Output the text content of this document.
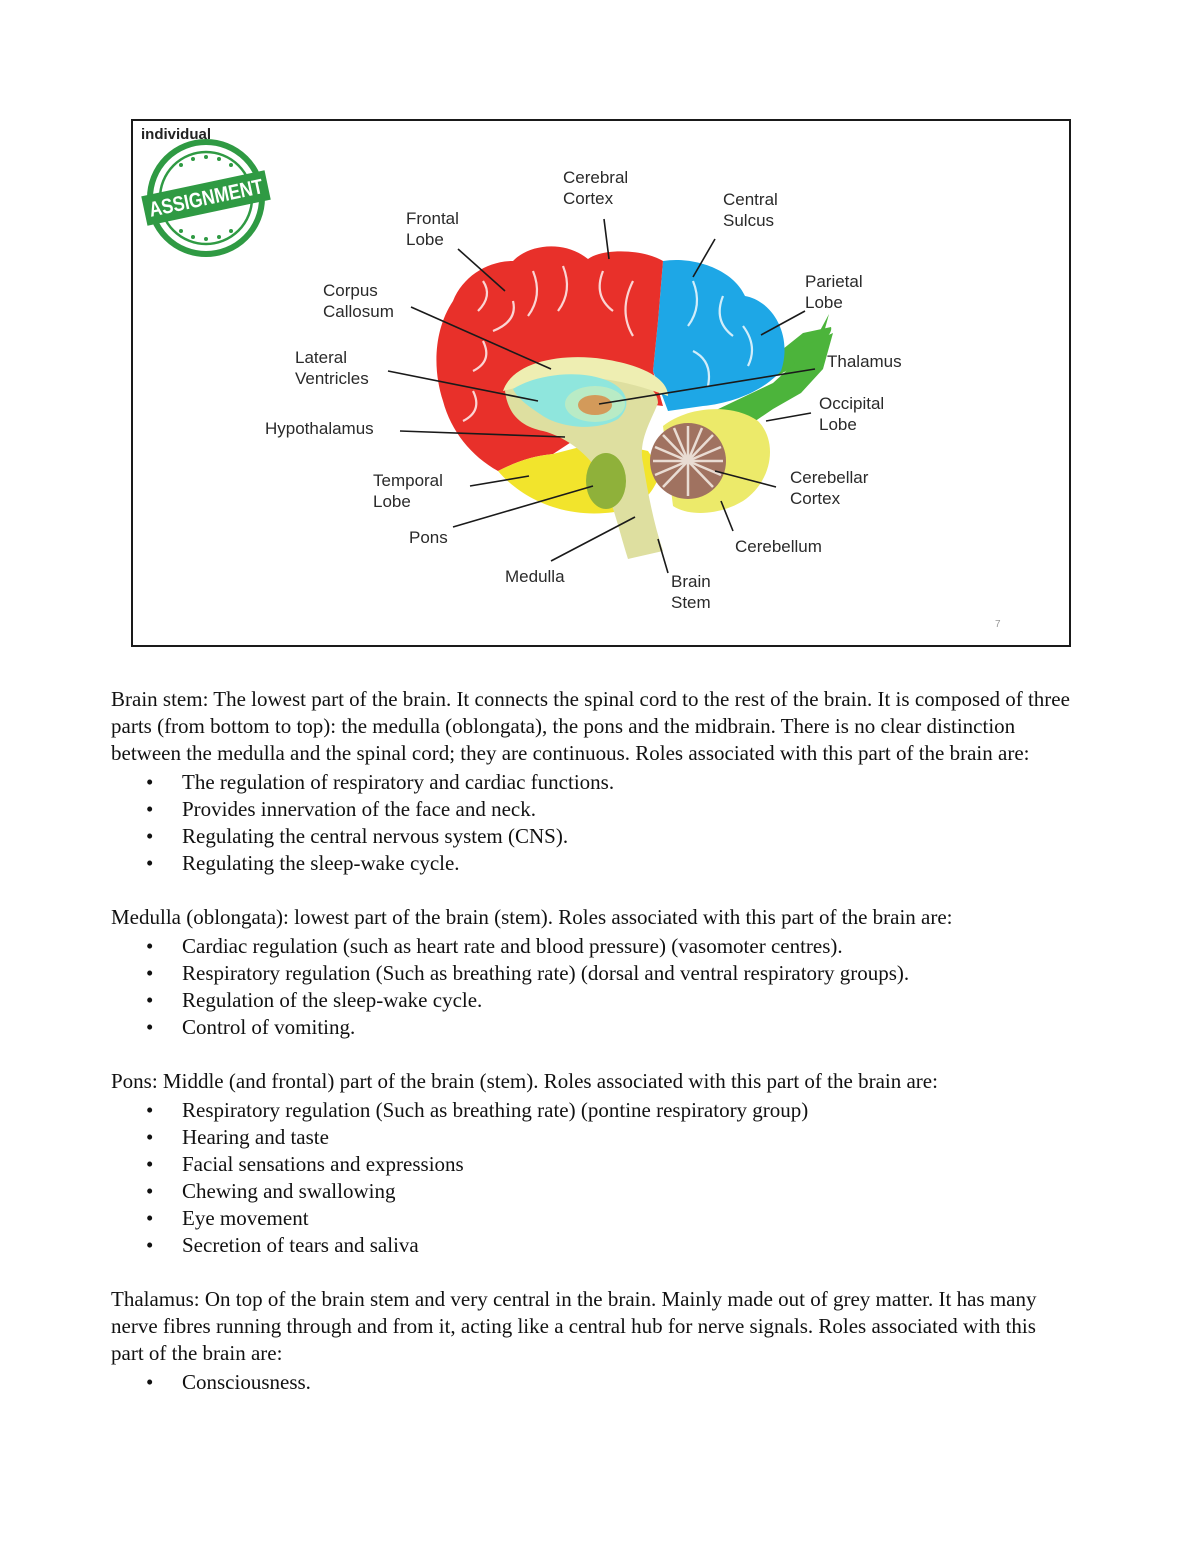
ASSIGNMENT	Cerebral Cortex	Central Sulcus
Frontal Lobe
Parietal Lobe
Corpus Callosum
Thalamus
Lateral Ventricles
Occipital Lobe
Hypothalamus
Cerebellar Cortex
Temporal Lobe
Pons	Cerebellum
Medulla	Brain Stem
individual
7

Brain stem: The lowest part of the brain. It connects the spinal cord to the rest of the brain. It is composed of three parts (from bottom to top): the medulla (oblongata), the pons and the midbrain. There is no clear distinction between the medulla and the spinal cord; they are continuous. Roles associated with this part of the brain are:

• The regulation of respiratory and cardiac functions.
• Provides innervation of the face and neck.
• Regulating the central nervous system (CNS).
• Regulating the sleep-wake cycle.

Medulla (oblongata): lowest part of the brain (stem). Roles associated with this part of the brain are:

• Cardiac regulation (such as heart rate and blood pressure) (vasomoter centres).
• Respiratory regulation (Such as breathing rate) (dorsal and ventral respiratory groups).
• Regulation of the sleep-wake cycle.
• Control of vomiting.

Pons: Middle (and frontal) part of the brain (stem). Roles associated with this part of the brain are:

• Respiratory regulation (Such as breathing rate) (pontine respiratory group)
• Hearing and taste
• Facial sensations and expressions
• Chewing and swallowing
• Eye movement
• Secretion of tears and saliva

Thalamus: On top of the brain stem and very central in the brain. Mainly made out of grey matter. It has many nerve fibres running through and from it, acting like a central hub for nerve signals. Roles associated with this part of the brain are:

• Consciousness.
